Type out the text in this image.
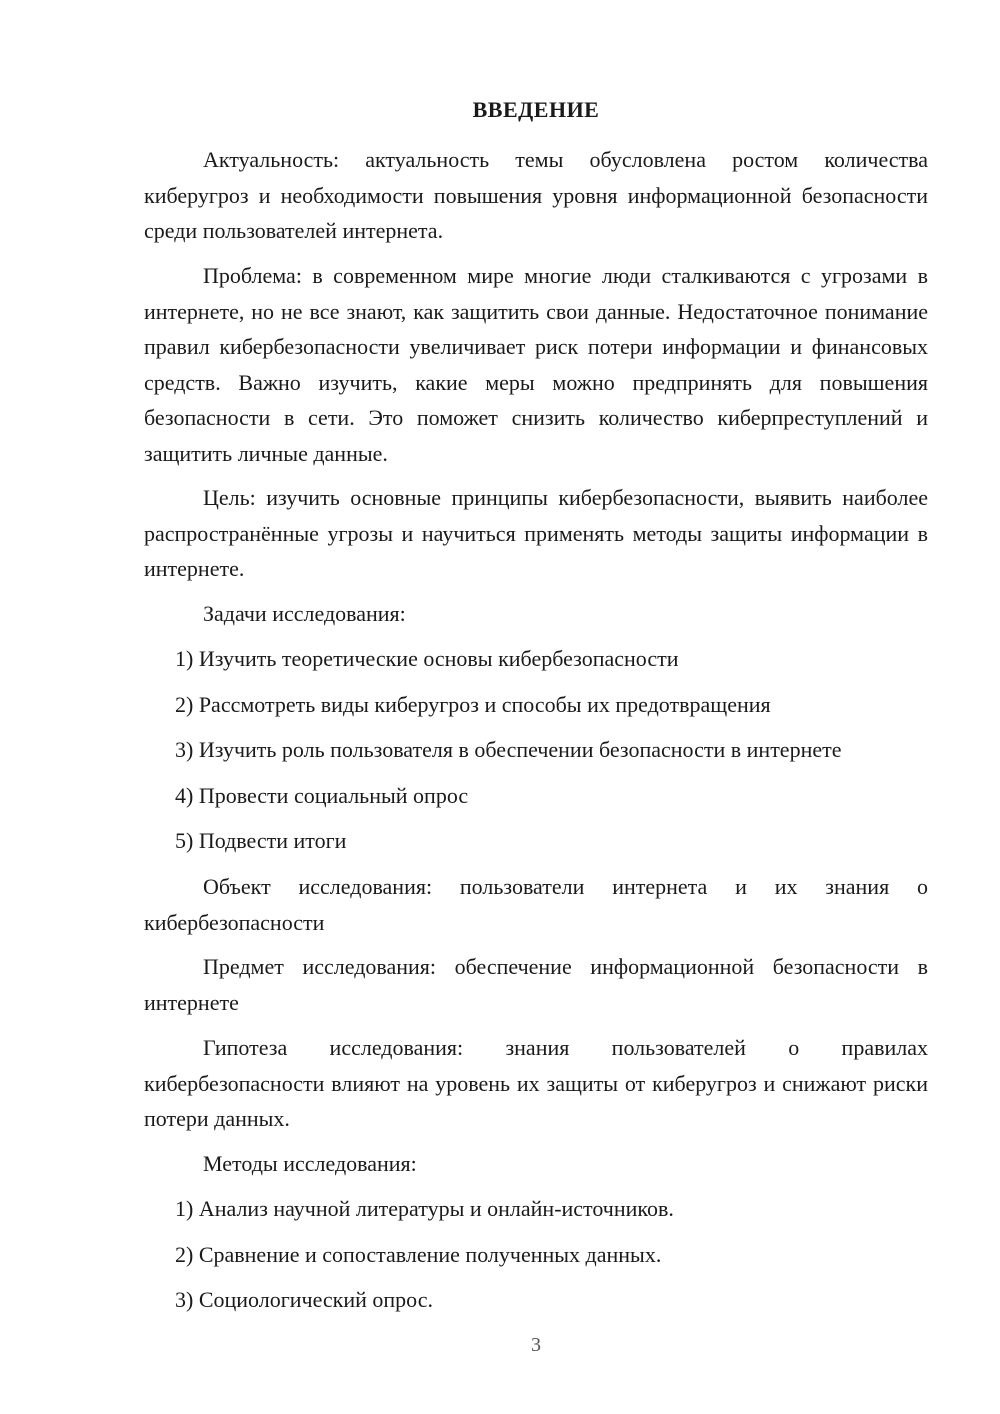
ВВЕДЕНИЕ

Актуальность: актуальность темы обусловлена ростом количества киберугроз и необходимости повышения уровня информационной безопасности среди пользователей интернета.

Проблема: в современном мире многие люди сталкиваются с угрозами в интернете, но не все знают, как защитить свои данные. Недостаточное понимание правил кибербезопасности увеличивает риск потери информации и финансовых средств. Важно изучить, какие меры можно предпринять для повышения безопасности в сети. Это поможет снизить количество киберпреступлений и защитить личные данные.

Цель: изучить основные принципы кибербезопасности, выявить наиболее распространённые угрозы и научиться применять методы защиты информации в интернете.

Задачи исследования:

1) Изучить теоретические основы кибербезопасности

2) Рассмотреть виды киберугроз и способы их предотвращения

3) Изучить роль пользователя в обеспечении безопасности в интернете

4) Провести социальный опрос

5) Подвести итоги

Объект исследования: пользователи интернета и их знания о кибербезопасности

Предмет исследования: обеспечение информационной безопасности в интернете

Гипотеза исследования: знания пользователей о правилах кибербезопасности влияют на уровень их защиты от киберугроз и снижают риски потери данных.

Методы исследования:

1) Анализ научной литературы и онлайн-источников.

2) Сравнение и сопоставление полученных данных.

3) Социологический опрос.

3
